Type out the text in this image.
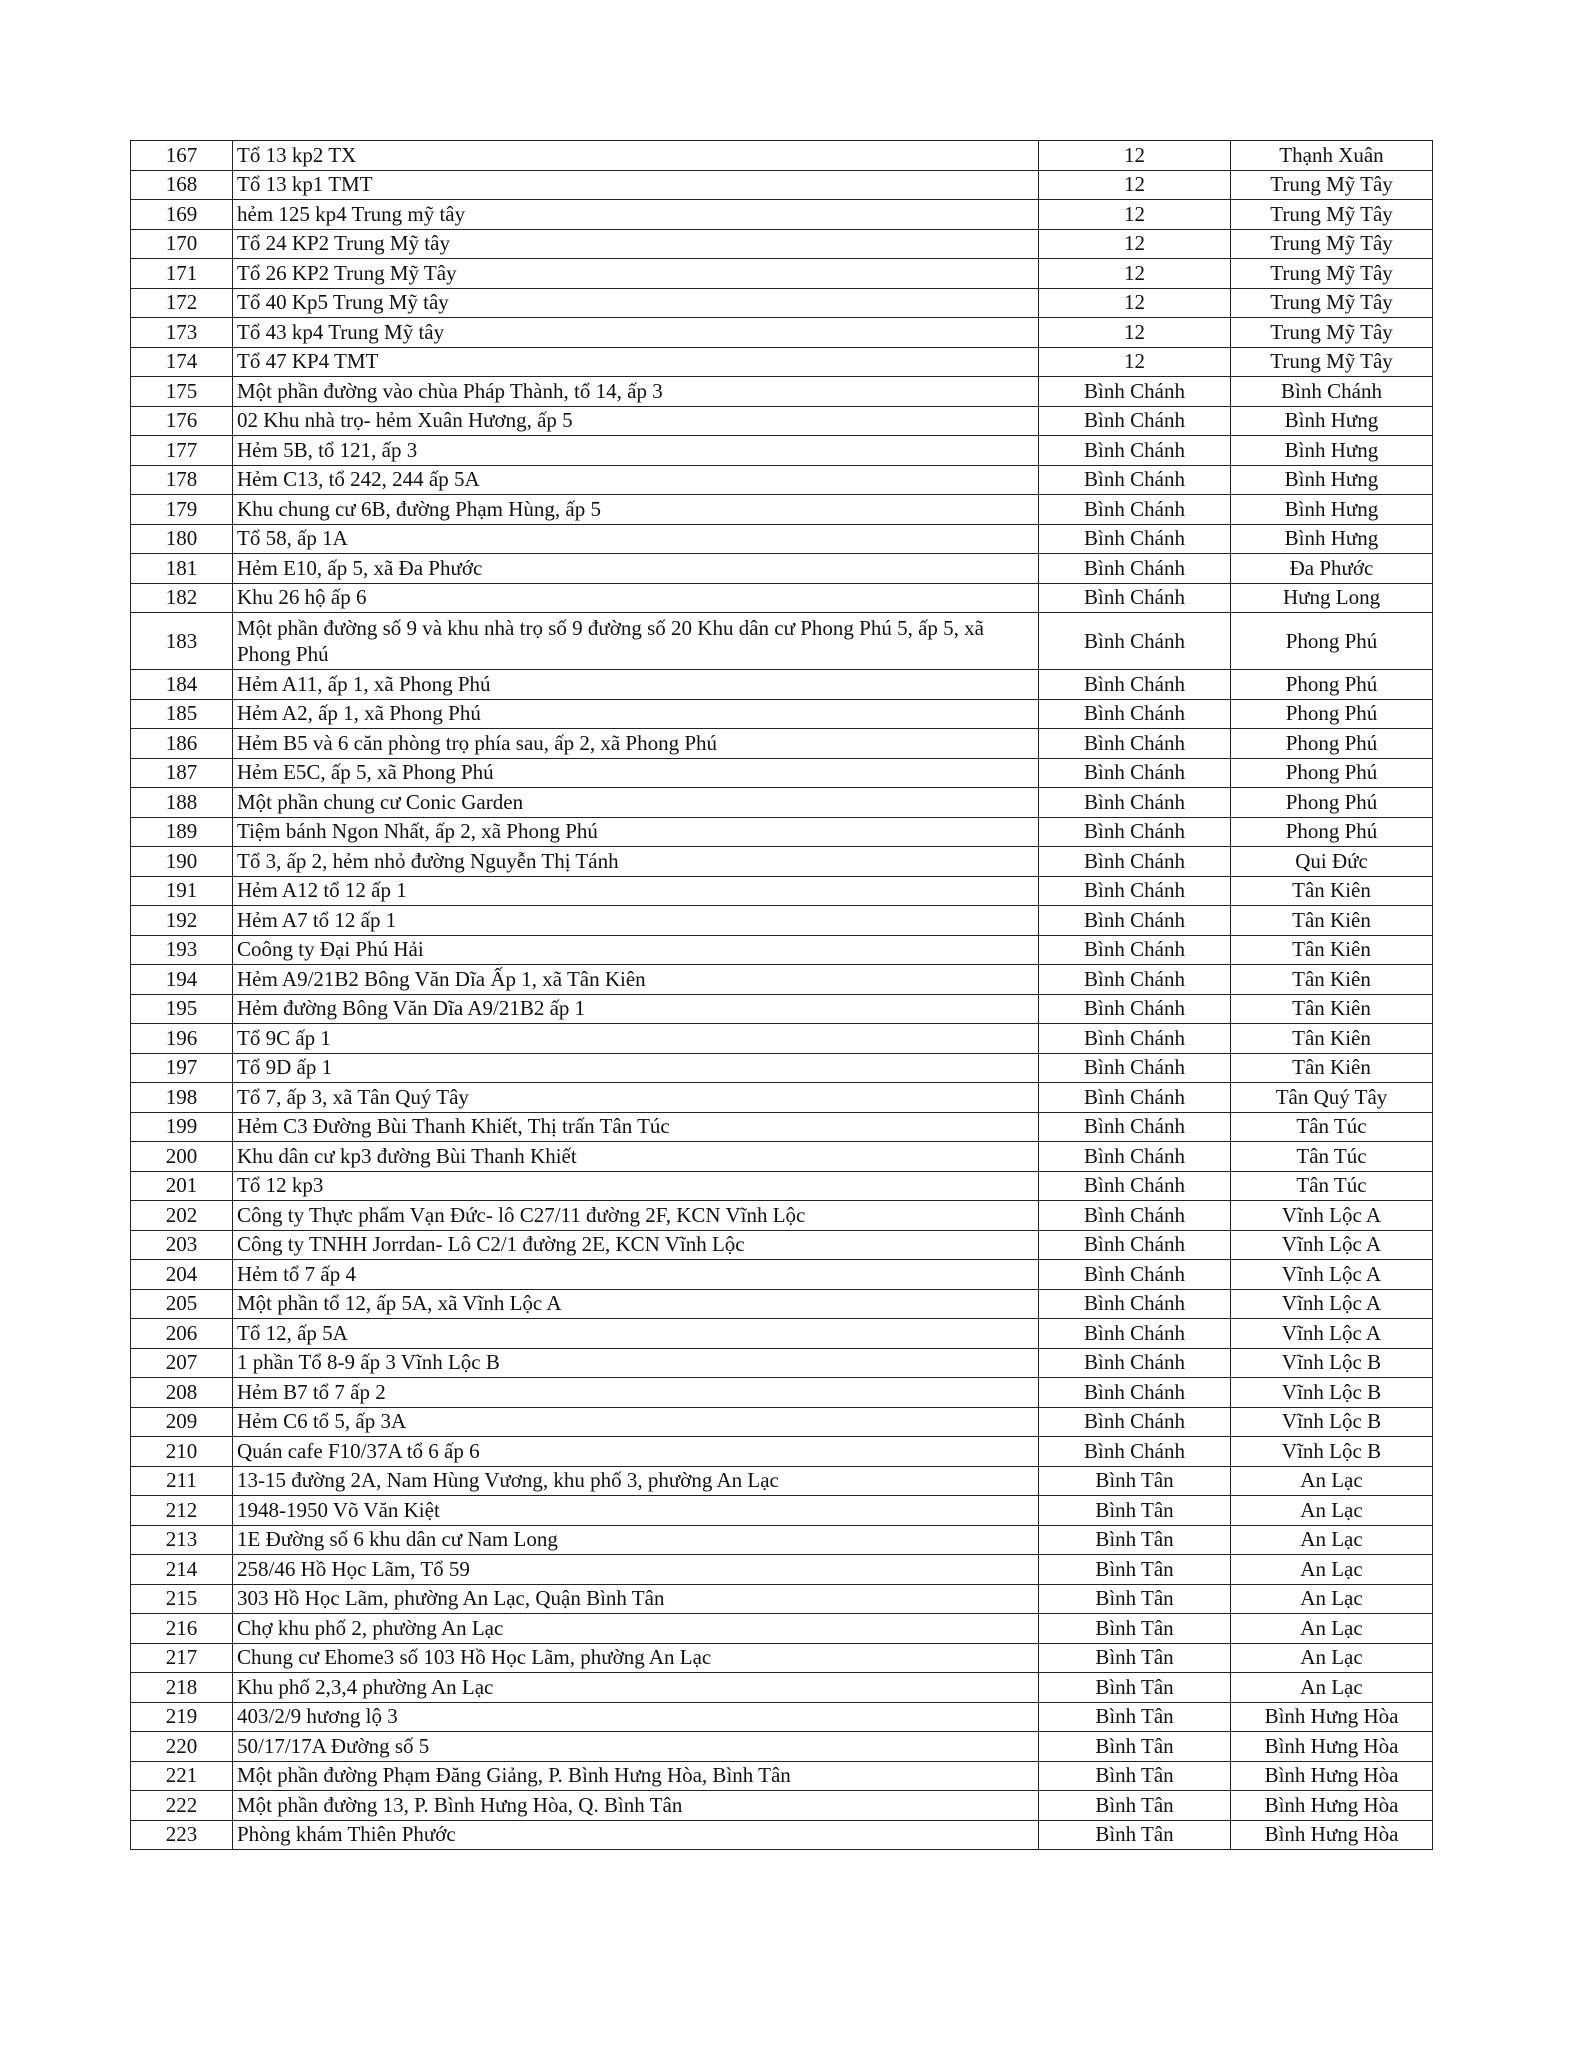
167	Tổ 13 kp2 TX	12	Thạnh Xuân
168	Tổ 13 kp1 TMT	12	Trung Mỹ Tây
169	hẻm 125 kp4 Trung mỹ tây	12	Trung Mỹ Tây
170	Tổ 24 KP2 Trung Mỹ tây	12	Trung Mỹ Tây
171	Tổ 26 KP2 Trung Mỹ Tây	12	Trung Mỹ Tây
172	Tổ 40 Kp5 Trung Mỹ tây	12	Trung Mỹ Tây
173	Tổ 43 kp4 Trung Mỹ tây	12	Trung Mỹ Tây
174	Tổ 47 KP4 TMT	12	Trung Mỹ Tây
175	Một phần đường vào chùa Pháp Thành, tổ 14, ấp 3	Bình Chánh	Bình Chánh
176	02 Khu nhà trọ- hẻm Xuân Hương, ấp 5	Bình Chánh	Bình Hưng
177	Hẻm 5B, tổ 121, ấp 3	Bình Chánh	Bình Hưng
178	Hẻm C13, tổ 242, 244 ấp 5A	Bình Chánh	Bình Hưng
179	Khu chung cư 6B, đường Phạm Hùng, ấp 5	Bình Chánh	Bình Hưng
180	Tổ 58, ấp 1A	Bình Chánh	Bình Hưng
181	Hẻm E10, ấp 5, xã Đa Phước	Bình Chánh	Đa Phước
182	Khu 26 hộ ấp 6	Bình Chánh	Hưng Long
183	Một phần đường số 9 và khu nhà trọ số 9 đường số 20 Khu dân cư Phong Phú 5, ấp 5, xã Phong Phú	Bình Chánh	Phong Phú
184	Hẻm A11, ấp 1, xã Phong Phú	Bình Chánh	Phong Phú
185	Hẻm A2, ấp 1, xã Phong Phú	Bình Chánh	Phong Phú
186	Hẻm B5 và 6 căn phòng trọ phía sau, ấp 2, xã Phong Phú	Bình Chánh	Phong Phú
187	Hẻm E5C, ấp 5, xã Phong Phú	Bình Chánh	Phong Phú
188	Một phần chung cư Conic Garden	Bình Chánh	Phong Phú
189	Tiệm bánh Ngon Nhất, ấp 2, xã Phong Phú	Bình Chánh	Phong Phú
190	Tổ 3, ấp 2, hẻm nhỏ đường Nguyễn Thị Tánh	Bình Chánh	Qui Đức
191	Hẻm A12 tổ 12 ấp 1	Bình Chánh	Tân Kiên
192	Hẻm A7 tổ 12 ấp 1	Bình Chánh	Tân Kiên
193	Coông ty Đại Phú Hải	Bình Chánh	Tân Kiên
194	Hẻm A9/21B2 Bông Văn Dĩa Ấp 1, xã Tân Kiên	Bình Chánh	Tân Kiên
195	Hẻm đường Bông Văn Dĩa A9/21B2 ấp 1	Bình Chánh	Tân Kiên
196	Tổ 9C ấp 1	Bình Chánh	Tân Kiên
197	Tổ 9D ấp 1	Bình Chánh	Tân Kiên
198	Tổ 7, ấp 3, xã Tân Quý Tây	Bình Chánh	Tân Quý Tây
199	Hẻm C3 Đường Bùi Thanh Khiết, Thị trấn Tân Túc	Bình Chánh	Tân Túc
200	Khu dân cư kp3 đường Bùi Thanh Khiết	Bình Chánh	Tân Túc
201	Tổ 12 kp3	Bình Chánh	Tân Túc
202	Công ty Thực phẩm Vạn Đức- lô C27/11 đường 2F, KCN Vĩnh Lộc	Bình Chánh	Vĩnh Lộc A
203	Công ty TNHH Jorrdan- Lô C2/1 đường 2E, KCN Vĩnh Lộc	Bình Chánh	Vĩnh Lộc A
204	Hẻm tổ 7 ấp 4	Bình Chánh	Vĩnh Lộc A
205	Một phần tổ 12, ấp 5A, xã Vĩnh Lộc A	Bình Chánh	Vĩnh Lộc A
206	Tổ 12, ấp 5A	Bình Chánh	Vĩnh Lộc A
207	1 phần Tổ 8-9 ấp 3 Vĩnh Lộc B	Bình Chánh	Vĩnh Lộc B
208	Hẻm B7 tổ 7 ấp 2	Bình Chánh	Vĩnh Lộc B
209	Hẻm C6 tổ 5, ấp 3A	Bình Chánh	Vĩnh Lộc B
210	Quán cafe F10/37A tổ 6 ấp 6	Bình Chánh	Vĩnh Lộc B
211	13-15 đường 2A, Nam Hùng Vương, khu phố 3, phường An Lạc	Bình Tân	An Lạc
212	1948-1950 Võ Văn Kiệt	Bình Tân	An Lạc
213	1E Đường số 6 khu dân cư Nam Long	Bình Tân	An Lạc
214	258/46 Hồ Học Lãm, Tổ 59	Bình Tân	An Lạc
215	303 Hồ Học Lãm, phường An Lạc, Quận Bình Tân	Bình Tân	An Lạc
216	Chợ khu phố 2, phường An Lạc	Bình Tân	An Lạc
217	Chung cư Ehome3 số 103 Hồ Học Lãm, phường An Lạc	Bình Tân	An Lạc
218	Khu phố 2,3,4 phường An Lạc	Bình Tân	An Lạc
219	403/2/9 hương lộ 3	Bình Tân	Bình Hưng Hòa
220	50/17/17A Đường số 5	Bình Tân	Bình Hưng Hòa
221	Một phần đường Phạm Đăng Giảng, P. Bình Hưng Hòa, Bình Tân	Bình Tân	Bình Hưng Hòa
222	Một phần đường 13, P. Bình Hưng Hòa, Q. Bình Tân	Bình Tân	Bình Hưng Hòa
223	Phòng khám Thiên Phước	Bình Tân	Bình Hưng Hòa
